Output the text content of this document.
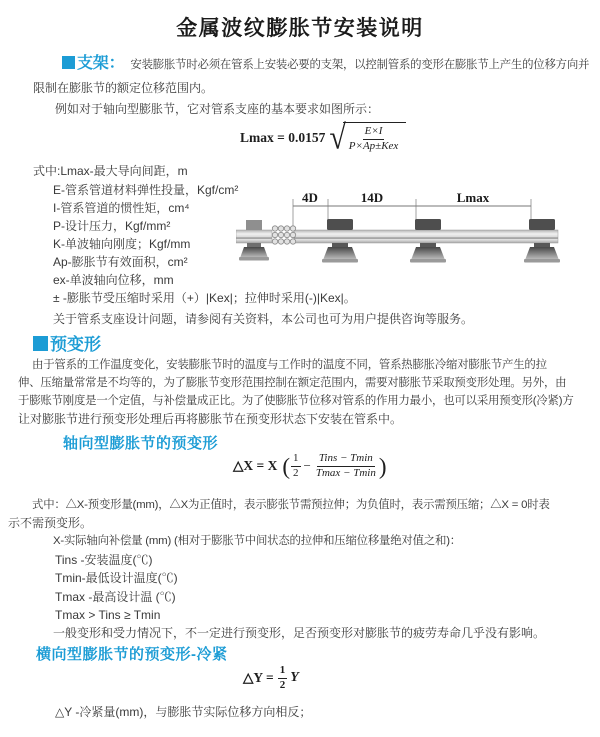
金属波纹膨胀节安装说明
支架： 安装膨胀节时必须在管系上安装必要的支架，以控制管系的变形在膨胀节上产生的位移方向并
限制在膨胀节的额定位移范围内。
例如对于轴向型膨胀节，它对管系支座的基本要求如图所示：
Lmax = 0.0157 √ $\frac{E\times I}{\text{P×Ap±Kex}}$
式中:Lmax-最大导向间距，m
E-管系管道材料弹性投量，Kgf/cm²
I-管系管道的惯性矩，cm⁴
P-设计压力，Kgf/mm²
K-单波轴向刚度；Kgf/mm
Ap-膨胀节有效面积，cm²
ex-单波轴向位移，mm
± -膨胀节受压缩时采用（+）|Kex|；拉伸时采用(-)|Kex|。
关于管系支座设计问题，请参阅有关资料，本公司也可为用户提供咨询等服务。
4D	14D	Lmax
预变形
由于管系的工作温度变化，安装膨胀节时的温度与工作时的温度不同，管系热膨胀冷缩对膨胀节产生的拉
伸、压缩量常常是不均等的，为了膨胀节变形范围控制在额定范围内，需要对膨胀节采取预变形处理。另外，由
于膨账节刚度是一个定值，与补偿量成正比。为了使膨胀节位移对管系的作用力最小，也可以采用预变形(冷紧)方
让对膨胀节进行预变形处理后再将膨胀节在预变形状态下安装在管系中。
轴向型膨胀节的预变形
△X = X ( $\frac{1}{2} - \frac{\text{Tins − Tmin}}{Tmax - Tmin}$ )
式中：△X-预变形量(mm)，△X为正值时，表示膨张节需预拉伸；为负值时，表示需预压缩；△X = 0时表
示不需预变形。
X-实际轴向补偿量 (mm) (相对于膨胀节中间状态的拉伸和压缩位移量绝对值之和)：
Tins -安装温度(℃)
Tmin-最低设计温度(℃)
Tmax -最高设计温 (℃)
Tmax > Tins ≥ Tmin
一般变形和受力情况下，不一定进行预变形，足否预变形对膨胀节的疲劳寿命几乎没有影响。
横向型膨胀节的预变形-冷紧
△Y = $\frac{1}{2}$ Y
△Y -冷紧量(mm)，与膨胀节实际位移方向相反；
